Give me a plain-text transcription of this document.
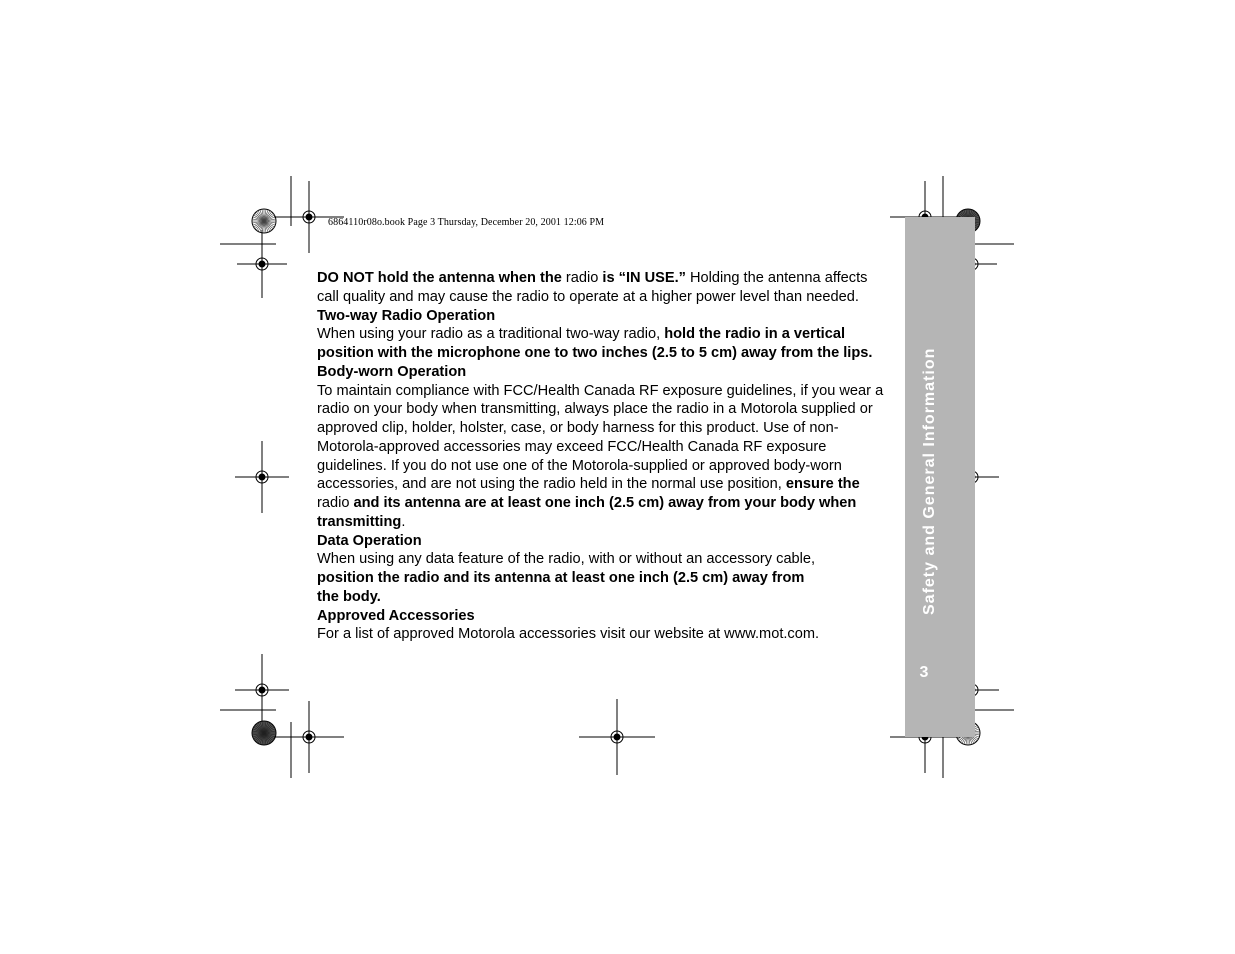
6864110r08o.book Page 3 Thursday, December 20, 2001 12:06 PM
Safety and General Information
3

DO NOT hold the antenna when the radio is “IN USE.” Holding the antenna affects call quality and may cause the radio to operate at a higher power level than needed.

Two-way Radio Operation

When using your radio as a traditional two-way radio, hold the radio in a vertical position with the microphone one to two inches (2.5 to 5 cm) away from the lips.

Body-worn Operation

To maintain compliance with FCC/Health Canada RF exposure guidelines, if you wear a radio on your body when transmitting, always place the radio in a Motorola supplied or approved clip, holder, holster, case, or body harness for this product. Use of non-Motorola-approved accessories may exceed FCC/Health Canada RF exposure guidelines. If you do not use one of the Motorola-supplied or approved body-worn accessories, and are not using the radio held in the normal use position, ensure the radio and its antenna are at least one inch (2.5 cm) away from your body when transmitting.

Data Operation

When using any data feature of the radio, with or without an accessory cable, position the radio and its antenna at least one inch (2.5 cm) away from
the body.

Approved Accessories

For a list of approved Motorola accessories visit our website at www.mot.com.
